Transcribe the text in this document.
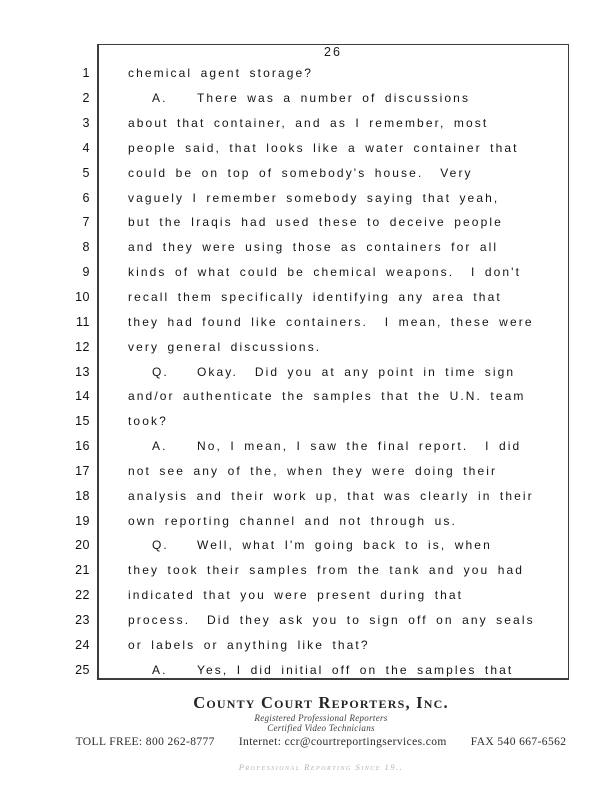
26
1	chemical agent storage?
2	A. There was a number of discussions
3	about that container, and as I remember, most
4	people said, that looks like a water container that
5	could be on top of somebody's house.  Very
6	vaguely I remember somebody saying that yeah,
7	but the Iraqis had used these to deceive people
8	and they were using those as containers for all
9	kinds of what could be chemical weapons.  I don't
10	recall them specifically identifying any area that
11	they had found like containers.  I mean, these were
12	very general discussions.
13	Q. Okay.  Did you at any point in time sign
14	and/or authenticate the samples that the U.N. team
15	took?
16	A. No, I mean, I saw the final report.  I did
17	not see any of the, when they were doing their
18	analysis and their work up, that was clearly in their
19	own reporting channel and not through us.
20	Q. Well, what I'm going back to is, when
21	they took their samples from the tank and you had
22	indicated that you were present during that
23	process.  Did they ask you to sign off on any seals
24	or labels or anything like that?
25	A. Yes, I did initial off on the samples that
County Court Reporters, Inc.
Registered Professional Reporters
Certified Video Technicians
TOLL FREE: 800 262-8777 Internet: ccr@courtreportingservices.com FAX 540 667-6562
Professional Reporting Since 19..
